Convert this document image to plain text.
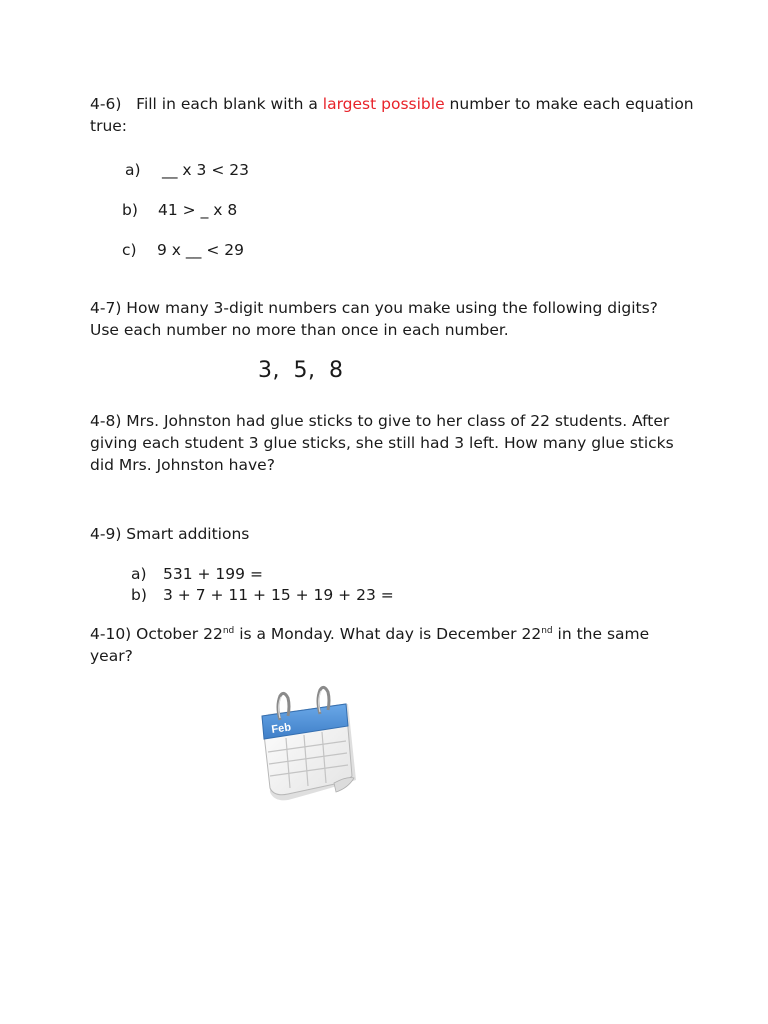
4-6) Fill in each blank with a largest possible number to make each equation
true:
a) __ x 3 < 23
b) 41 > _ x 8
c) 9 x __ < 29
4-7) How many 3-digit numbers can you make using the following digits?
Use each number no more than once in each number.
3, 5, 8
4-8) Mrs. Johnston had glue sticks to give to her class of 22 students. After
giving each student 3 glue sticks, she still had 3 left. How many glue sticks
did Mrs. Johnston have?
4-9) Smart additions
a) 531 + 199 =
b) 3 + 7 + 11 + 15 + 19 + 23 =
4-10) October 22nd is a Monday. What day is December 22nd in the same
year?
Feb
